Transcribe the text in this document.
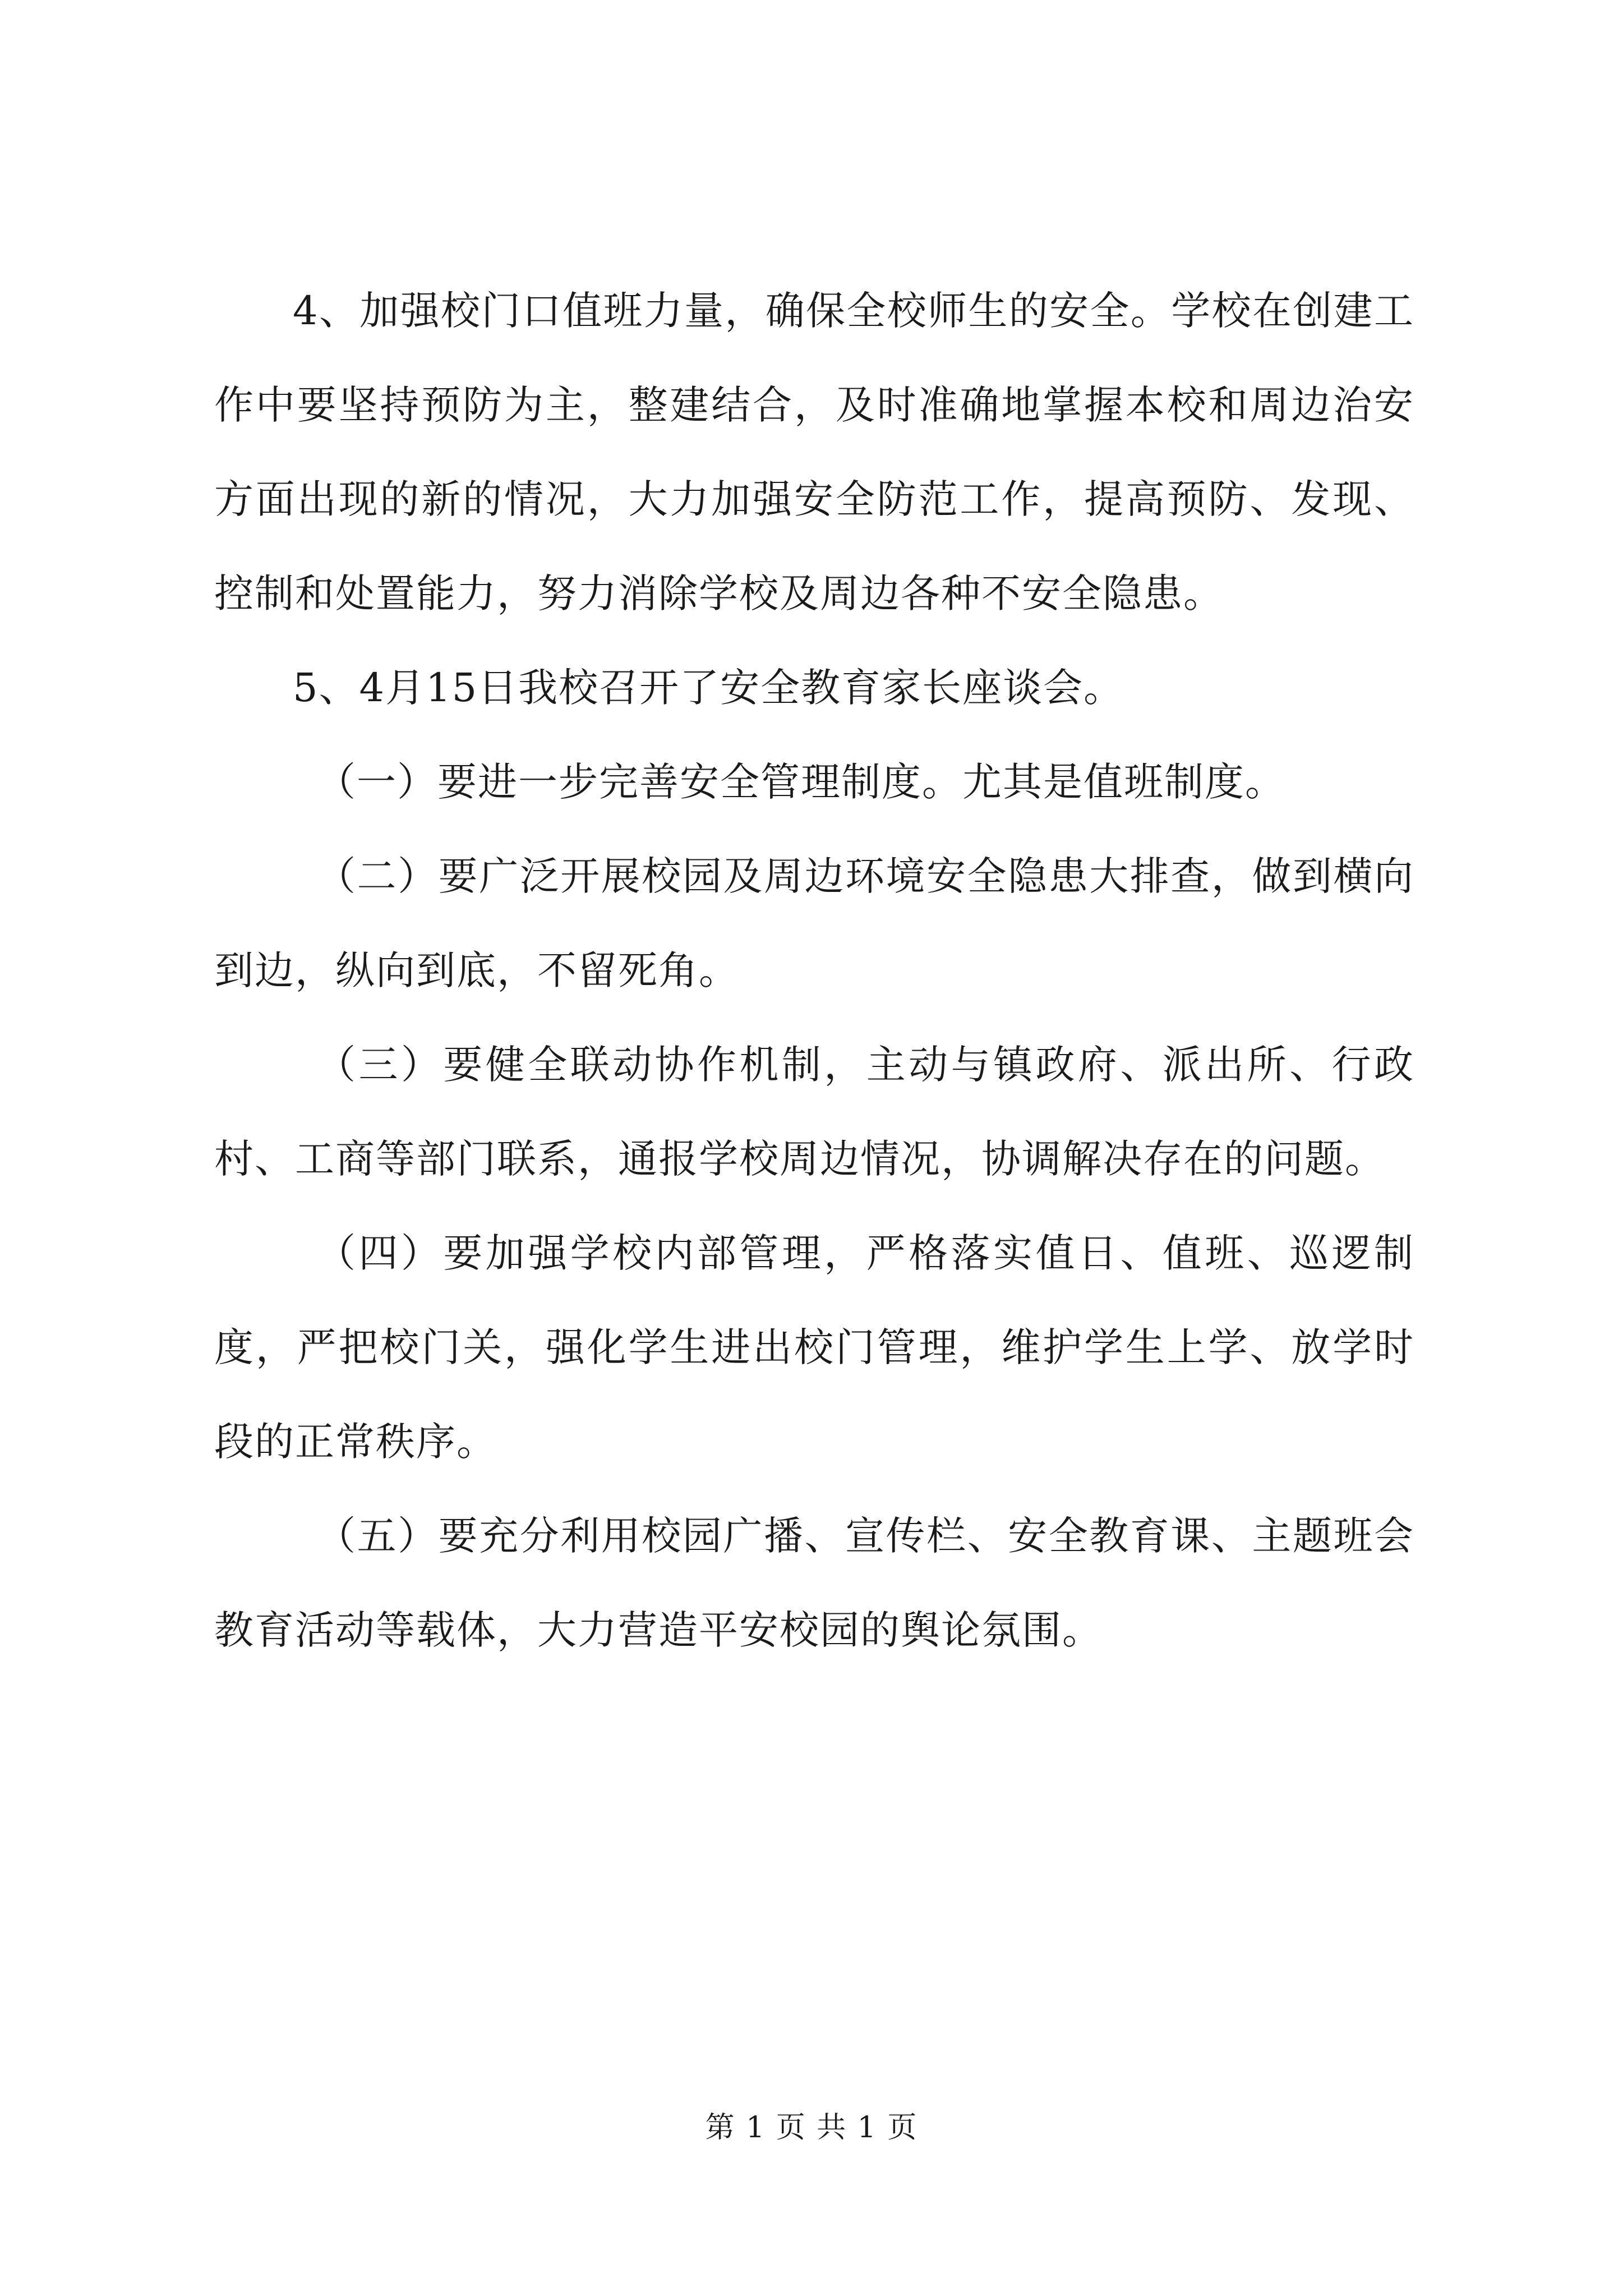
4、加强校门口值班力量，确保全校师生的安全。学校在创建工作中要坚持预防为主，整建结合，及时准确地掌握本校和周边治安方面出现的新的情况，大力加强安全防范工作，提高预防、发现、控制和处置能力，努力消除学校及周边各种不安全隐患。

5、4月15日我校召开了安全教育家长座谈会。

（一）要进一步完善安全管理制度。尤其是值班制度。

（二）要广泛开展校园及周边环境安全隐患大排查，做到横向到边，纵向到底，不留死角。

（三）要健全联动协作机制，主动与镇政府、派出所、行政村、工商等部门联系，通报学校周边情况，协调解决存在的问题。

（四）要加强学校内部管理，严格落实值日、值班、巡逻制度，严把校门关，强化学生进出校门管理，维护学生上学、放学时段的正常秩序。

（五）要充分利用校园广播、宣传栏、安全教育课、主题班会教育活动等载体，大力营造平安校园的舆论氛围。

第 1 页 共 1 页
